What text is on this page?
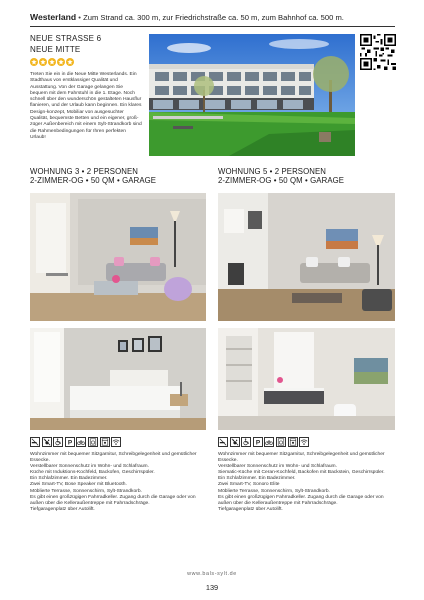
Westerland • Zum Strand ca. 300 m, zur Friedrichstraße ca. 50 m, zum Bahnhof ca. 500 m.
NEUE STRASSE 6
NEUE MITTE
Treten Sie ein in die Neue Mitte Westerlands. Ein Stadthaus von erstklassiger Qualität und Ausstattung. Von der Garage gelangen Sie bequem mit dem Fahrstuhl in die 1. Etage. Noch schnell über den wunderschön gestalteten Hausflur flanieren, und der Urlaub kann beginnen. Ein klares Design-konzept, Mobiliar von ausgesuchter Qualität, bequemste Betten und ein eigener, groß-züger Außenbereich mit einem Sylt-Strandkorb sind die Rahmenbedingungen für Ihren perfekten Urlaub!
WOHNUNG 3 • 2 PERSONEN
2-ZIMMER-OG • 50 QM • GARAGE
P
Wohnzimmer mit bequemer Sitzgarnitur, Schreibgelegenheit und gemütlicher Essecke.
Verstellbarer Sonnenschutz im Wohn- und Schlafraum.
Küche mit Induktions-Kochfeld, Backofen, Geschirrspüler.
Ein Schlafzimmer. Ein Badezimmer.
Zwei Smart-TV, Bose Speaker mit Bluetooth.
Möblierte Terrasse, Sonnenschirm, Sylt-Strandkorb.
Es gibt einen großzügigen Fahrradkeller. Zugang durch die Garage oder von außen über die Kelleraußentreppe mit Fahrradschräge.
Tiefgaragenplatz über Autolift.
WOHNUNG 5 • 2 PERSONEN
2-ZIMMER-OG • 50 QM • GARAGE
P
Wohnzimmer mit bequemer Sitzgarnitur, Schreibgelegenheit und gemütlicher Essecke.
Verstellbarer Sonnenschutz im Wohn- und Schlafraum.
Siematic-Küche mit Ceran-Kochfeld, Backofen mit Backstein, Geschirrspüler.
Ein Schlafzimmer. Ein Badezimmer.
Zwei Smart-TV, Sonoro Elite
Möblierte Terrasse, Sonnenschirm, Sylt-Strandkorb.
Es gibt einen großzügigen Fahrradkeller. Zugang durch die Garage oder von außen über die Kelleraußentreppe mit Fahrradschräge.
Tiefgaragenplatz über Autolift.
www.bals-sylt.de
139
